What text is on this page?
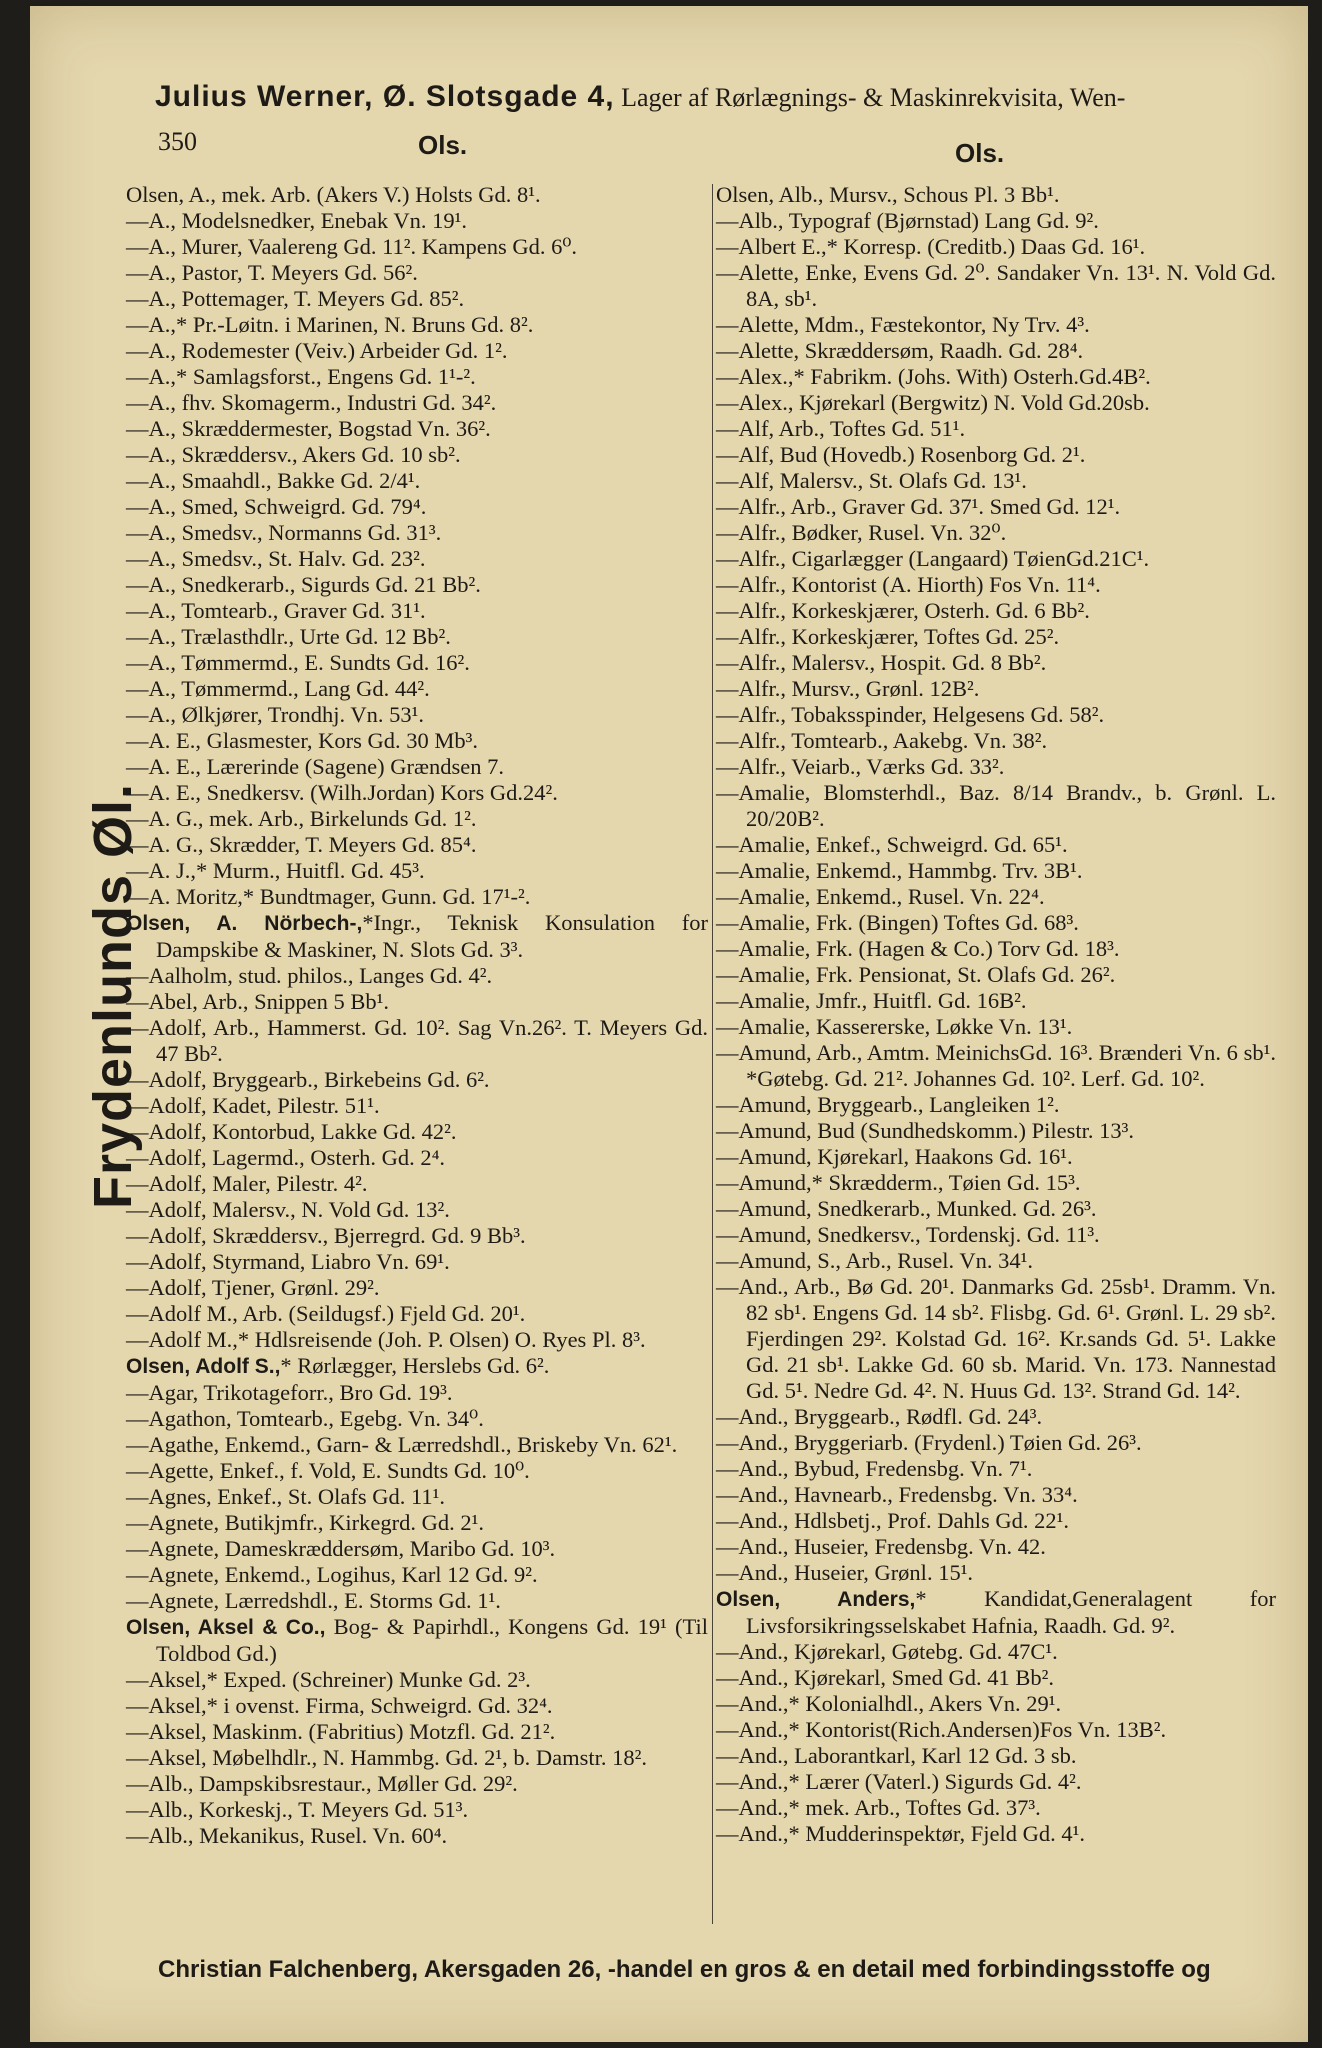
Julius Werner, Ø. Slotsgade 4, Lager af Rørlægnings- & Maskinrekvisita, Wen-
350	Ols.	Ols.
Frydenlunds Øl.
Olsen, A., mek. Arb. (Akers V.) Holsts Gd. 8¹.
—A., Modelsnedker, Enebak Vn. 19¹.
—A., Murer, Vaalereng Gd. 11². Kampens Gd. 6⁰.
—A., Pastor, T. Meyers Gd. 56².
—A., Pottemager, T. Meyers Gd. 85².
—A.,* Pr.-Løitn. i Marinen, N. Bruns Gd. 8².
—A., Rodemester (Veiv.) Arbeider Gd. 1².
—A.,* Samlagsforst., Engens Gd. 1¹-².
—A., fhv. Skomagerm., Industri Gd. 34².
—A., Skræddermester, Bogstad Vn. 36².
—A., Skræddersv., Akers Gd. 10 sb².
—A., Smaahdl., Bakke Gd. 2/4¹.
—A., Smed, Schweigrd. Gd. 79⁴.
—A., Smedsv., Normanns Gd. 31³.
—A., Smedsv., St. Halv. Gd. 23².
—A., Snedkerarb., Sigurds Gd. 21 Bb².
—A., Tomtearb., Graver Gd. 31¹.
—A., Trælasthdlr., Urte Gd. 12 Bb².
—A., Tømmermd., E. Sundts Gd. 16².
—A., Tømmermd., Lang Gd. 44².
—A., Ølkjører, Trondhj. Vn. 53¹.
—A. E., Glasmester, Kors Gd. 30 Mb³.
—A. E., Lærerinde (Sagene) Grændsen 7.
—A. E., Snedkersv. (Wilh.Jordan) Kors Gd.24².
—A. G., mek. Arb., Birkelunds Gd. 1².
—A. G., Skrædder, T. Meyers Gd. 85⁴.
—A. J.,* Murm., Huitfl. Gd. 45³.
—A. Moritz,* Bundtmager, Gunn. Gd. 17¹-².
Olsen, A. Nörbech-,*Ingr., Teknisk Konsulation for Dampskibe & Maskiner, N. Slots Gd. 3³.
—Aalholm, stud. philos., Langes Gd. 4².
—Abel, Arb., Snippen 5 Bb¹.
—Adolf, Arb., Hammerst. Gd. 10². Sag Vn.26². T. Meyers Gd. 47 Bb².
—Adolf, Bryggearb., Birkebeins Gd. 6².
—Adolf, Kadet, Pilestr. 51¹.
—Adolf, Kontorbud, Lakke Gd. 42².
—Adolf, Lagermd., Osterh. Gd. 2⁴.
—Adolf, Maler, Pilestr. 4².
—Adolf, Malersv., N. Vold Gd. 13².
—Adolf, Skræddersv., Bjerregrd. Gd. 9 Bb³.
—Adolf, Styrmand, Liabro Vn. 69¹.
—Adolf, Tjener, Grønl. 29².
—Adolf M., Arb. (Seildugsf.) Fjeld Gd. 20¹.
—Adolf M.,* Hdlsreisende (Joh. P. Olsen) O. Ryes Pl. 8³.
Olsen, Adolf S.,* Rørlægger, Herslebs Gd. 6².
—Agar, Trikotageforr., Bro Gd. 19³.
—Agathon, Tomtearb., Egebg. Vn. 34⁰.
—Agathe, Enkemd., Garn- & Lærredshdl., Briskeby Vn. 62¹.
—Agette, Enkef., f. Vold, E. Sundts Gd. 10⁰.
—Agnes, Enkef., St. Olafs Gd. 11¹.
—Agnete, Butikjmfr., Kirkegrd. Gd. 2¹.
—Agnete, Dameskræddersøm, Maribo Gd. 10³.
—Agnete, Enkemd., Logihus, Karl 12 Gd. 9².
—Agnete, Lærredshdl., E. Storms Gd. 1¹.
Olsen, Aksel & Co., Bog- & Papirhdl., Kongens Gd. 19¹ (Til Toldbod Gd.)
—Aksel,* Exped. (Schreiner) Munke Gd. 2³.
—Aksel,* i ovenst. Firma, Schweigrd. Gd. 32⁴.
—Aksel, Maskinm. (Fabritius) Motzfl. Gd. 21².
—Aksel, Møbelhdlr., N. Hammbg. Gd. 2¹, b. Damstr. 18².
—Alb., Dampskibsrestaur., Møller Gd. 29².
—Alb., Korkeskj., T. Meyers Gd. 51³.
—Alb., Mekanikus, Rusel. Vn. 60⁴.
Olsen, Alb., Mursv., Schous Pl. 3 Bb¹.
—Alb., Typograf (Bjørnstad) Lang Gd. 9².
—Albert E.,* Korresp. (Creditb.) Daas Gd. 16¹.
—Alette, Enke, Evens Gd. 2⁰. Sandaker Vn. 13¹. N. Vold Gd. 8A, sb¹.
—Alette, Mdm., Fæstekontor, Ny Trv. 4³.
—Alette, Skræddersøm, Raadh. Gd. 28⁴.
—Alex.,* Fabrikm. (Johs. With) Osterh.Gd.4B².
—Alex., Kjørekarl (Bergwitz) N. Vold Gd.20sb.
—Alf, Arb., Toftes Gd. 51¹.
—Alf, Bud (Hovedb.) Rosenborg Gd. 2¹.
—Alf, Malersv., St. Olafs Gd. 13¹.
—Alfr., Arb., Graver Gd. 37¹. Smed Gd. 12¹.
—Alfr., Bødker, Rusel. Vn. 32⁰.
—Alfr., Cigarlægger (Langaard) TøienGd.21C¹.
—Alfr., Kontorist (A. Hiorth) Fos Vn. 11⁴.
—Alfr., Korkeskjærer, Osterh. Gd. 6 Bb².
—Alfr., Korkeskjærer, Toftes Gd. 25².
—Alfr., Malersv., Hospit. Gd. 8 Bb².
—Alfr., Mursv., Grønl. 12B².
—Alfr., Tobaksspinder, Helgesens Gd. 58².
—Alfr., Tomtearb., Aakebg. Vn. 38².
—Alfr., Veiarb., Værks Gd. 33².
—Amalie, Blomsterhdl., Baz. 8/14 Brandv., b. Grønl. L. 20/20B².
—Amalie, Enkef., Schweigrd. Gd. 65¹.
—Amalie, Enkemd., Hammbg. Trv. 3B¹.
—Amalie, Enkemd., Rusel. Vn. 22⁴.
—Amalie, Frk. (Bingen) Toftes Gd. 68³.
—Amalie, Frk. (Hagen & Co.) Torv Gd. 18³.
—Amalie, Frk. Pensionat, St. Olafs Gd. 26².
—Amalie, Jmfr., Huitfl. Gd. 16B².
—Amalie, Kassererske, Løkke Vn. 13¹.
—Amund, Arb., Amtm. MeinichsGd. 16³. Brænderi Vn. 6 sb¹. *Gøtebg. Gd. 21². Johannes Gd. 10². Lerf. Gd. 10².
—Amund, Bryggearb., Langleiken 1².
—Amund, Bud (Sundhedskomm.) Pilestr. 13³.
—Amund, Kjørekarl, Haakons Gd. 16¹.
—Amund,* Skrædderm., Tøien Gd. 15³.
—Amund, Snedkerarb., Munked. Gd. 26³.
—Amund, Snedkersv., Tordenskj. Gd. 11³.
—Amund, S., Arb., Rusel. Vn. 34¹.
—And., Arb., Bø Gd. 20¹. Danmarks Gd. 25sb¹. Dramm. Vn. 82 sb¹. Engens Gd. 14 sb². Flisbg. Gd. 6¹. Grønl. L. 29 sb². Fjerdingen 29². Kolstad Gd. 16². Kr.sands Gd. 5¹. Lakke Gd. 21 sb¹. Lakke Gd. 60 sb. Marid. Vn. 173. Nannestad Gd. 5¹. Nedre Gd. 4². N. Huus Gd. 13². Strand Gd. 14².
—And., Bryggearb., Rødfl. Gd. 24³.
—And., Bryggeriarb. (Frydenl.) Tøien Gd. 26³.
—And., Bybud, Fredensbg. Vn. 7¹.
—And., Havnearb., Fredensbg. Vn. 33⁴.
—And., Hdlsbetj., Prof. Dahls Gd. 22¹.
—And., Huseier, Fredensbg. Vn. 42.
—And., Huseier, Grønl. 15¹.
Olsen, Anders,* Kandidat,Generalagent for Livsforsikringsselskabet Hafnia, Raadh. Gd. 9².
—And., Kjørekarl, Gøtebg. Gd. 47C¹.
—And., Kjørekarl, Smed Gd. 41 Bb².
—And.,* Kolonialhdl., Akers Vn. 29¹.
—And.,* Kontorist(Rich.Andersen)Fos Vn. 13B².
—And., Laborantkarl, Karl 12 Gd. 3 sb.
—And.,* Lærer (Vaterl.) Sigurds Gd. 4².
—And.,* mek. Arb., Toftes Gd. 37³.
—And.,* Mudderinspektør, Fjeld Gd. 4¹.
Christian Falchenberg, Akersgaden 26, -handel en gros & en detail med forbindingsstoffe og
